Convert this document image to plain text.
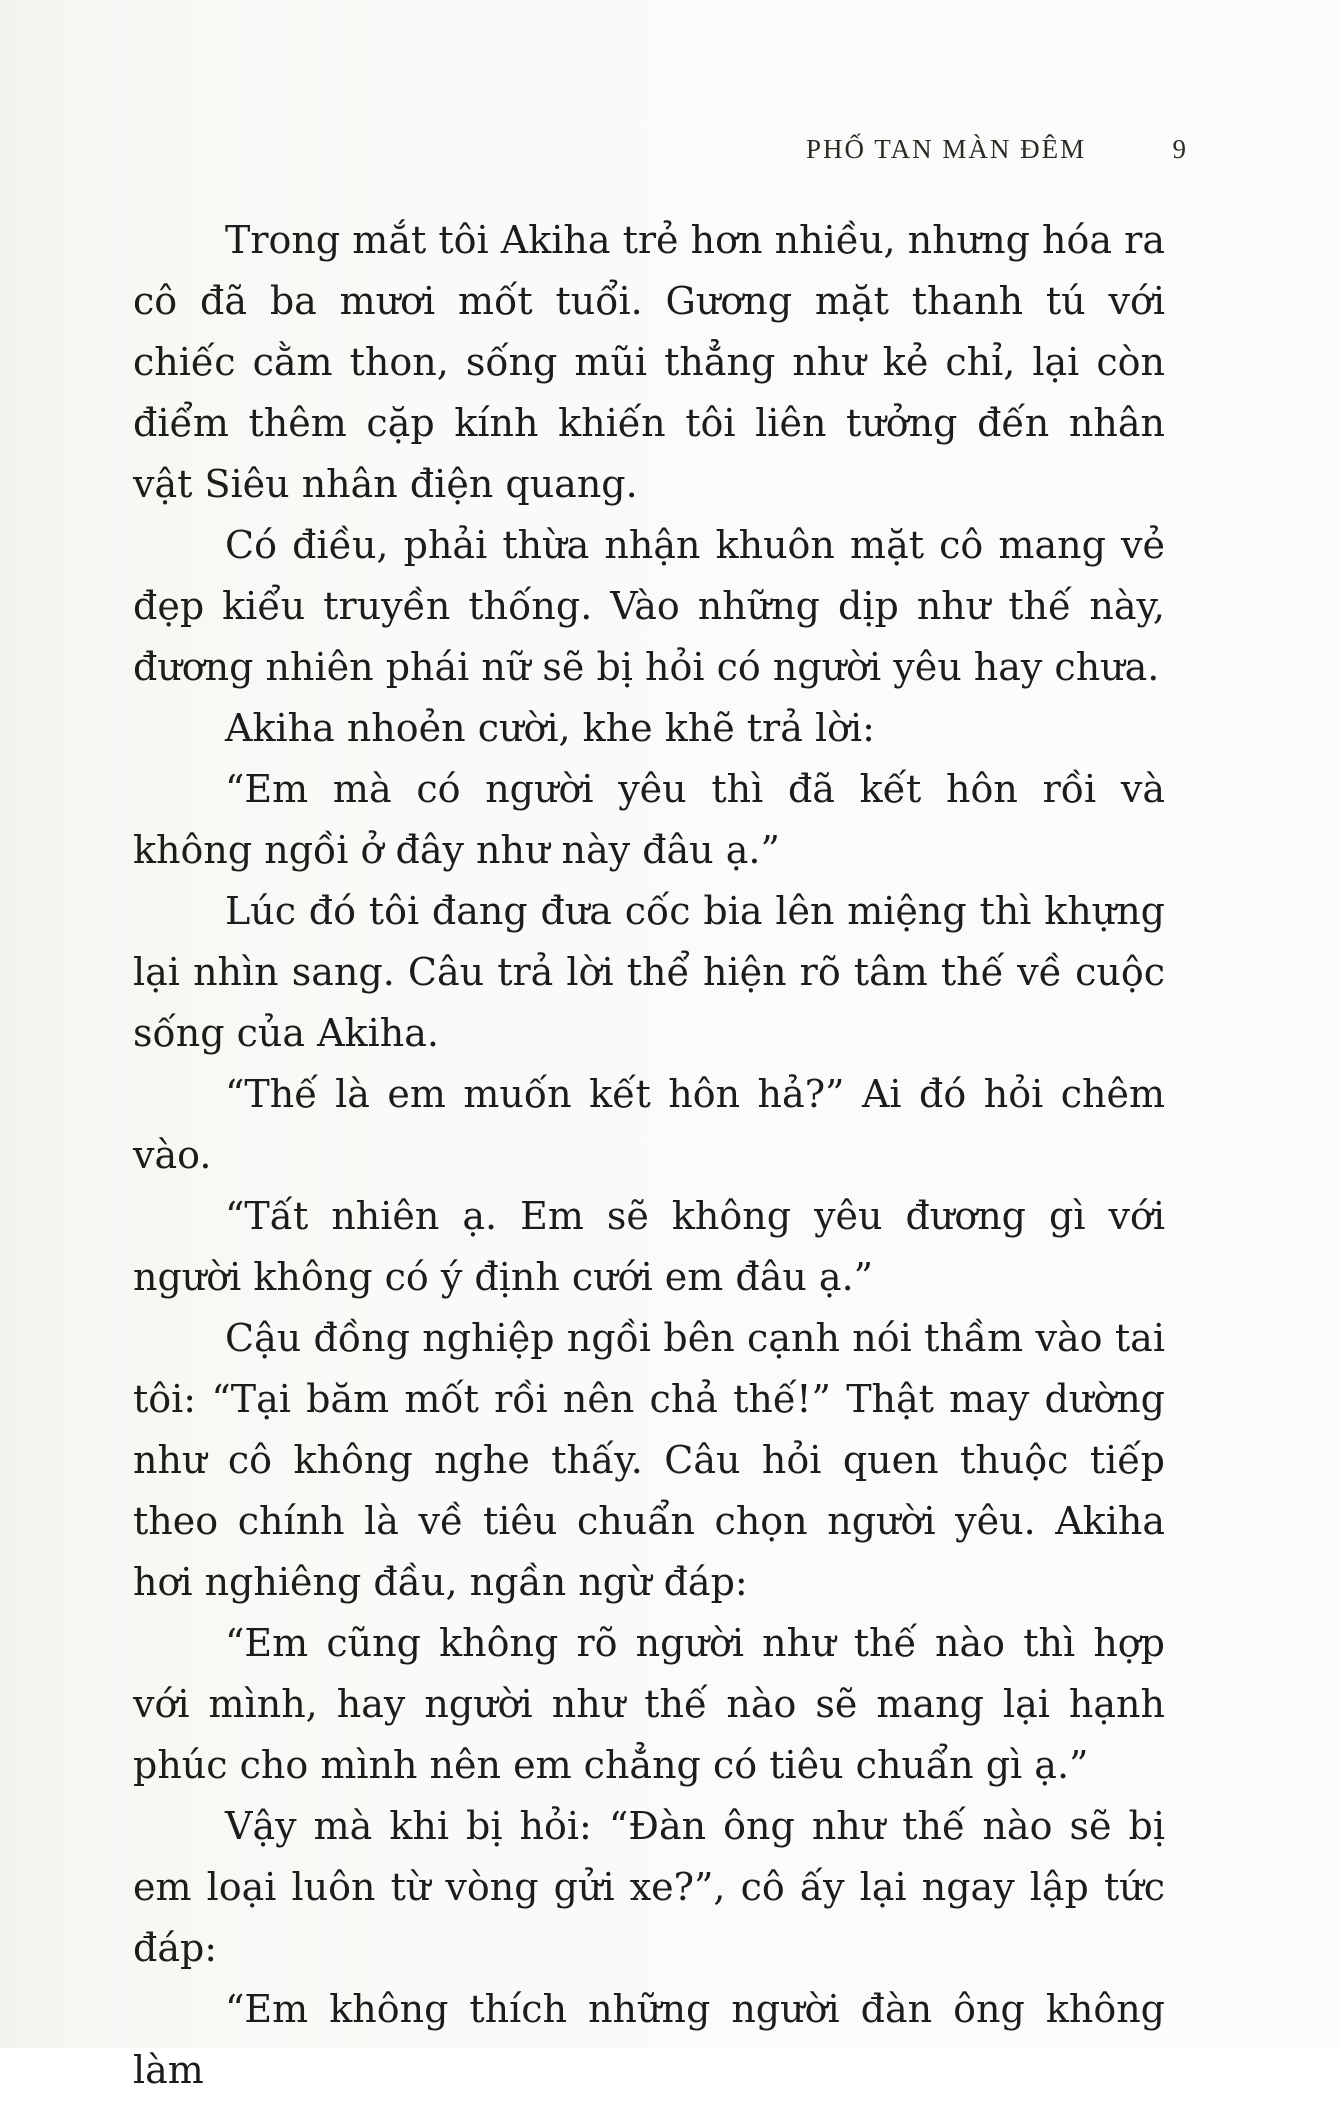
PHỐ TAN MÀN ĐÊM	9

Trong mắt tôi Akiha trẻ hơn nhiều, nhưng hóa ra cô đã ba mươi mốt tuổi. Gương mặt thanh tú với chiếc cằm thon, sống mũi thẳng như kẻ chỉ, lại còn điểm thêm cặp kính khiến tôi liên tưởng đến nhân vật Siêu nhân điện quang.

Có điều, phải thừa nhận khuôn mặt cô mang vẻ đẹp kiểu truyền thống. Vào những dịp như thế này, đương nhiên phái nữ sẽ bị hỏi có người yêu hay chưa.

Akiha nhoẻn cười, khe khẽ trả lời:

“Em mà có người yêu thì đã kết hôn rồi và không ngồi ở đây như này đâu ạ.”

Lúc đó tôi đang đưa cốc bia lên miệng thì khựng lại nhìn sang. Câu trả lời thể hiện rõ tâm thế về cuộc sống của Akiha.

“Thế là em muốn kết hôn hả?” Ai đó hỏi chêm vào.

“Tất nhiên ạ. Em sẽ không yêu đương gì với người không có ý định cưới em đâu ạ.”

Cậu đồng nghiệp ngồi bên cạnh nói thầm vào tai tôi: “Tại băm mốt rồi nên chả thế!” Thật may dường như cô không nghe thấy. Câu hỏi quen thuộc tiếp theo chính là về tiêu chuẩn chọn người yêu. Akiha hơi nghiêng đầu, ngần ngừ đáp:

“Em cũng không rõ người như thế nào thì hợp với mình, hay người như thế nào sẽ mang lại hạnh phúc cho mình nên em chẳng có tiêu chuẩn gì ạ.”

Vậy mà khi bị hỏi: “Đàn ông như thế nào sẽ bị em loại luôn từ vòng gửi xe?”, cô ấy lại ngay lập tức đáp:

“Em không thích những người đàn ông không làm
